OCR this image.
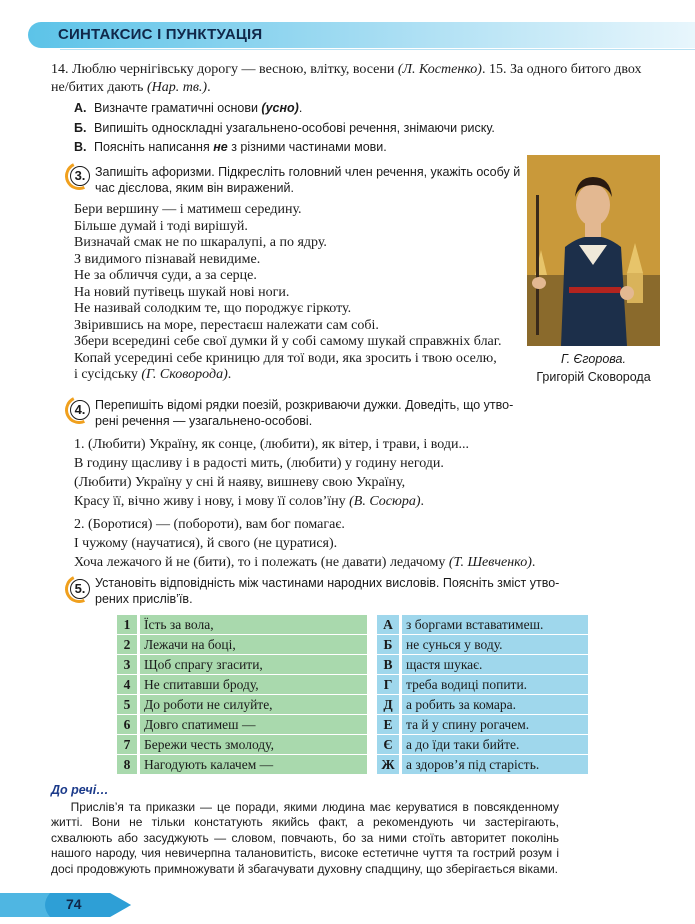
СИНТАКСИС І ПУНКТУАЦІЯ
14. Люблю чернігівську дорогу — весною, влітку, восени (Л. Костенко). 15. За одного битого двох
не/битих дають (Нар. тв.).
А. Визначте граматичні основи (усно).
Б. Випишіть односкладні узагальнено-особові речення, знімаючи риску.
В. Поясніть написання не з різними частинами мови.
3. Запишіть афоризми. Підкресліть головний член речення, укажіть особу й
час дієслова, яким він виражений.
Бери вершину — і матимеш середину.
Більше думай і тоді вирішуй.
Визначай смак не по шкаралупі, а по ядру.
З видимого пізнавай невидиме.
Не за обличчя суди, а за серце.
На новий путівець шукай нові ноги.
Не називай солодким те, що породжує гіркоту.
Звірившись на море, перестаєш належати сам собі.
Збери всередині себе свої думки й у собі самому шукай справжніх благ.
Копай усередині себе криницю для тої води, яка зросить і твою оселю,
і сусідську (Г. Сковорода).
Г. Єгорова.
Григорій Сковорода
4. Перепишіть відомі рядки поезій, розкриваючи дужки. Доведіть, що утво-
рені речення — узагальнено-особові.
1. (Любити) Україну, як сонце, (любити), як вітер, і трави, і води...
В годину щасливу і в радості мить, (любити) у годину негоди.
(Любити) Україну у сні й наяву, вишневу свою Україну,
Красу її, вічно живу і нову, і мову її солов’їну (В. Сосюра).
2. (Боротися) — (побороти), вам бог помагає.
І чужому (научатися), й свого (не цуратися).
Хоча лежачого й не (бити), то і полежать (не давати) ледачому (Т. Шевченко).
5. Установіть відповідність між частинами народних висловів. Поясніть зміст утво-
рених прислів’їв.
1	Їсть за вола,		А	з боргами вставатимеш.
2	Лежачи на боці,		Б	не сунься у воду.
3	Щоб спрагу згасити,		В	щастя шукає.
4	Не спитавши броду,		Г	треба водиці попити.
5	До роботи не силуйте,		Д	а робить за комара.
6	Довго спатимеш —		Е	та й у спину рогачем.
7	Бережи честь змолоду,		Є	а до їди таки бийте.
8	Нагодують калачем —		Ж	а здоров’я під старість.
До речі…
Прислів’я та приказки — це поради, якими людина має керуватися в повсякденному житті. Вони не тільки констатують якийсь факт, а рекомендують чи застерігають, схвалюють або засуджують — словом, повчають, бо за ними стоїть авторитет поколінь нашого народу, чия невичерпна талановитість, високе естетичне чуття та гострий розум і досі продовжують примножувати й збагачувати духовну спадщину, що зберігається віками.
74
